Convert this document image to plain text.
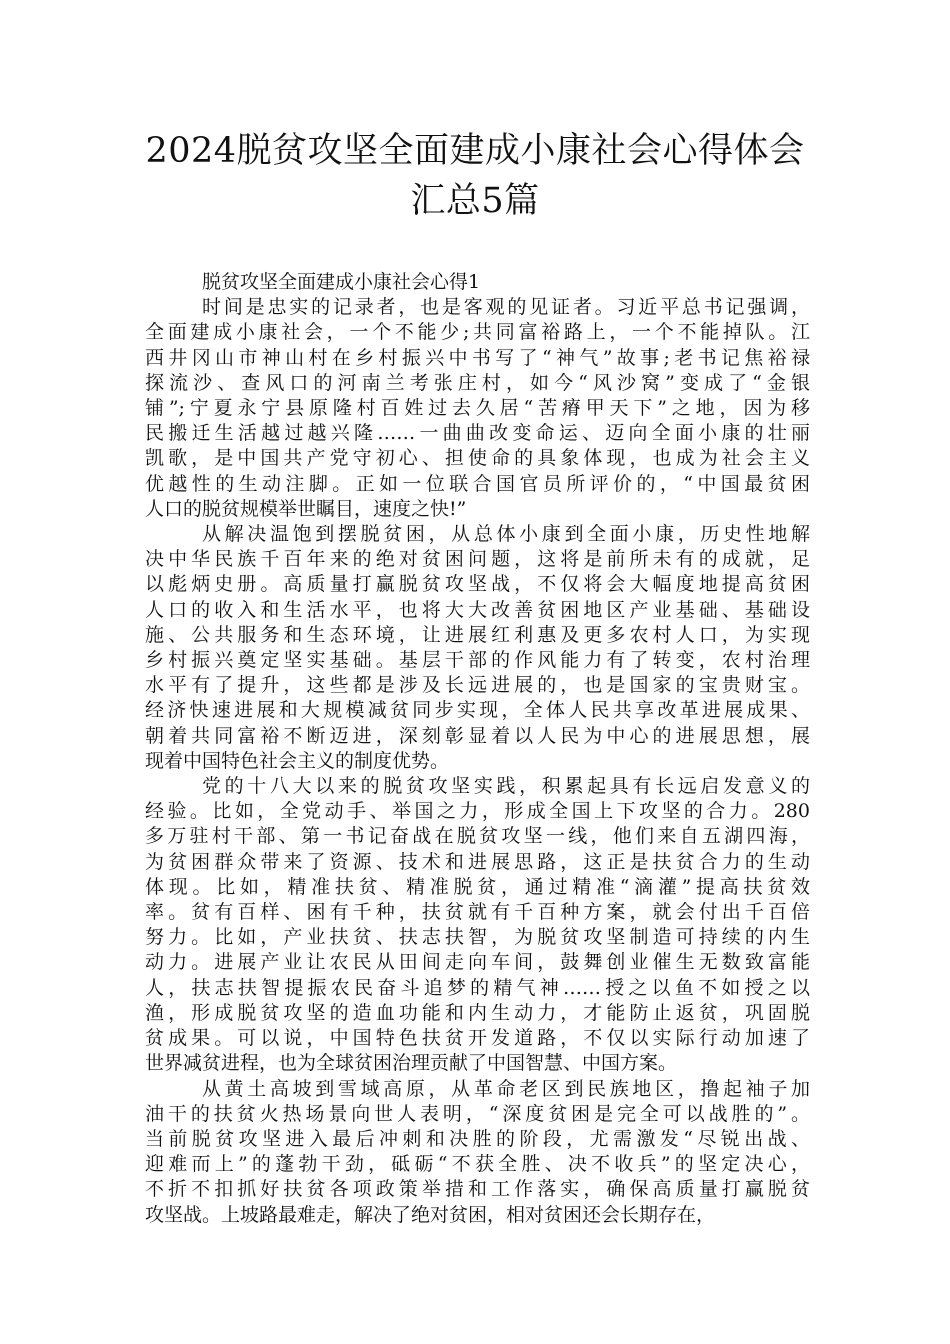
2024脱贫攻坚全面建成小康社会心得体会
汇总5篇

脱贫攻坚全面建成小康社会心得1

时间是忠实的记录者，也是客观的见证者。习近平总书记强调，
全面建成小康社会，一个不能少;共同富裕路上，一个不能掉队。江
西井冈山市神山村在乡村振兴中书写了“神气”故事;老书记焦裕禄
探流沙、查风口的河南兰考张庄村，如今“风沙窝”变成了“金银
铺”;宁夏永宁县原隆村百姓过去久居“苦瘠甲天下”之地，因为移
民搬迁生活越过越兴隆……一曲曲改变命运、迈向全面小康的壮丽
凯歌，是中国共产党守初心、担使命的具象体现，也成为社会主义
优越性的生动注脚。正如一位联合国官员所评价的，“中国最贫困
人口的脱贫规模举世瞩目，速度之快!”

从解决温饱到摆脱贫困，从总体小康到全面小康，历史性地解
决中华民族千百年来的绝对贫困问题，这将是前所未有的成就，足
以彪炳史册。高质量打赢脱贫攻坚战，不仅将会大幅度地提高贫困
人口的收入和生活水平，也将大大改善贫困地区产业基础、基础设
施、公共服务和生态环境，让进展红利惠及更多农村人口，为实现
乡村振兴奠定坚实基础。基层干部的作风能力有了转变，农村治理
水平有了提升，这些都是涉及长远进展的，也是国家的宝贵财宝。
经济快速进展和大规模减贫同步实现，全体人民共享改革进展成果、
朝着共同富裕不断迈进，深刻彰显着以人民为中心的进展思想，展
现着中国特色社会主义的制度优势。

党的十八大以来的脱贫攻坚实践，积累起具有长远启发意义的
经验。比如，全党动手、举国之力，形成全国上下攻坚的合力。280
多万驻村干部、第一书记奋战在脱贫攻坚一线，他们来自五湖四海，
为贫困群众带来了资源、技术和进展思路，这正是扶贫合力的生动
体现。比如，精准扶贫、精准脱贫，通过精准“滴灌”提高扶贫效
率。贫有百样、困有千种，扶贫就有千百种方案，就会付出千百倍
努力。比如，产业扶贫、扶志扶智，为脱贫攻坚制造可持续的内生
动力。进展产业让农民从田间走向车间，鼓舞创业催生无数致富能
人，扶志扶智提振农民奋斗追梦的精气神……授之以鱼不如授之以
渔，形成脱贫攻坚的造血功能和内生动力，才能防止返贫，巩固脱
贫成果。可以说，中国特色扶贫开发道路，不仅以实际行动加速了
世界减贫进程，也为全球贫困治理贡献了中国智慧、中国方案。

从黄土高坡到雪域高原，从革命老区到民族地区，撸起袖子加
油干的扶贫火热场景向世人表明，“深度贫困是完全可以战胜的”。
当前脱贫攻坚进入最后冲刺和决胜的阶段，尤需激发“尽锐出战、
迎难而上”的蓬勃干劲，砥砺“不获全胜、决不收兵”的坚定决心，
不折不扣抓好扶贫各项政策举措和工作落实，确保高质量打赢脱贫
攻坚战。上坡路最难走，解决了绝对贫困，相对贫困还会长期存在，
